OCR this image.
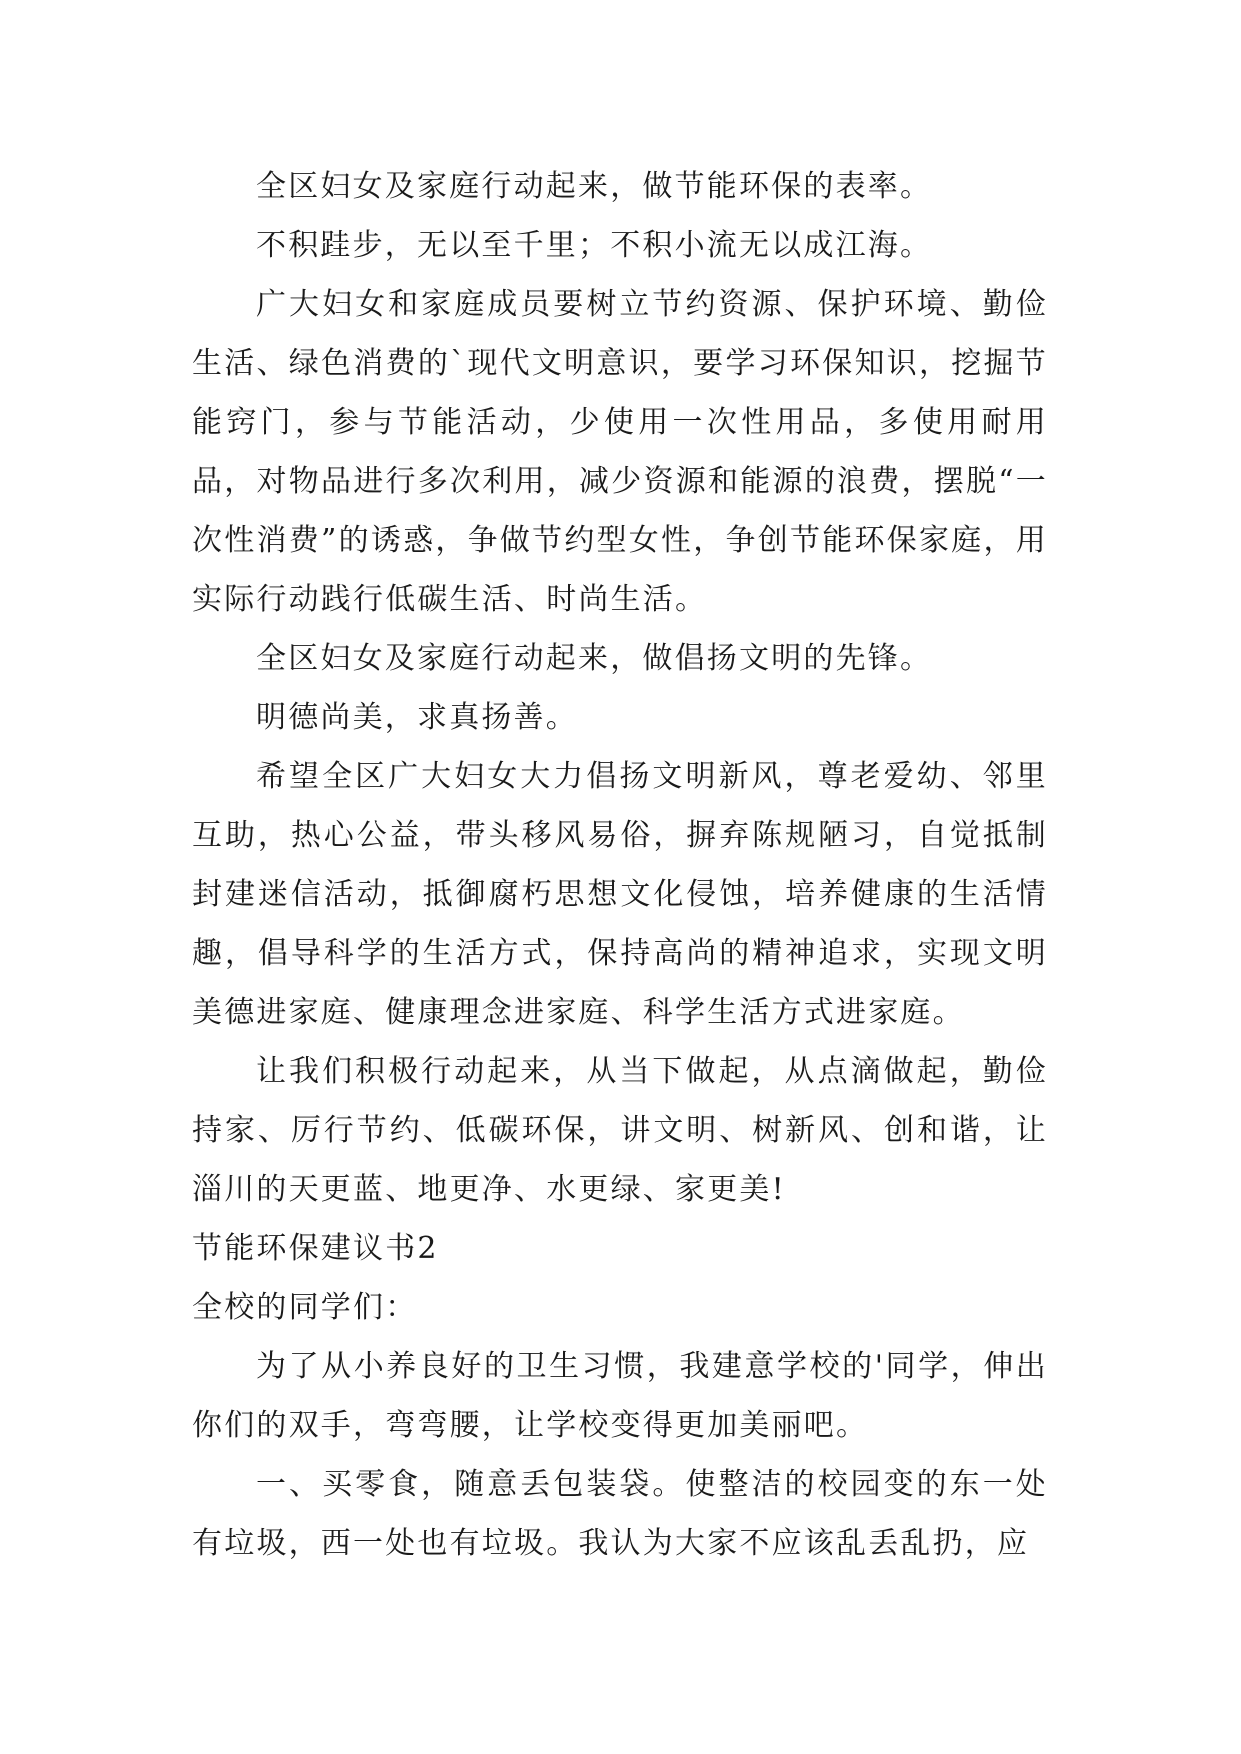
全区妇女及家庭行动起来，做节能环保的表率。

不积跬步，无以至千里；不积小流无以成江海。

广大妇女和家庭成员要树立节约资源、保护环境、勤俭生活、绿色消费的`现代文明意识，要学习环保知识，挖掘节能窍门，参与节能活动，少使用一次性用品，多使用耐用品，对物品进行多次利用，减少资源和能源的浪费，摆脱“一次性消费”的诱惑，争做节约型女性，争创节能环保家庭，用实际行动践行低碳生活、时尚生活。

全区妇女及家庭行动起来，做倡扬文明的先锋。

明德尚美，求真扬善。

希望全区广大妇女大力倡扬文明新风，尊老爱幼、邻里互助，热心公益，带头移风易俗，摒弃陈规陋习，自觉抵制封建迷信活动，抵御腐朽思想文化侵蚀，培养健康的生活情趣，倡导科学的生活方式，保持高尚的精神追求，实现文明美德进家庭、健康理念进家庭、科学生活方式进家庭。

让我们积极行动起来，从当下做起，从点滴做起，勤俭持家、厉行节约、低碳环保，讲文明、树新风、创和谐，让淄川的天更蓝、地更净、水更绿、家更美!

节能环保建议书2

全校的同学们：

为了从小养良好的卫生习惯，我建意学校的'同学，伸出你们的双手，弯弯腰，让学校变得更加美丽吧。

一、买零食，随意丢包装袋。使整洁的校园变的东一处有垃圾，西一处也有垃圾。我认为大家不应该乱丢乱扔，应
